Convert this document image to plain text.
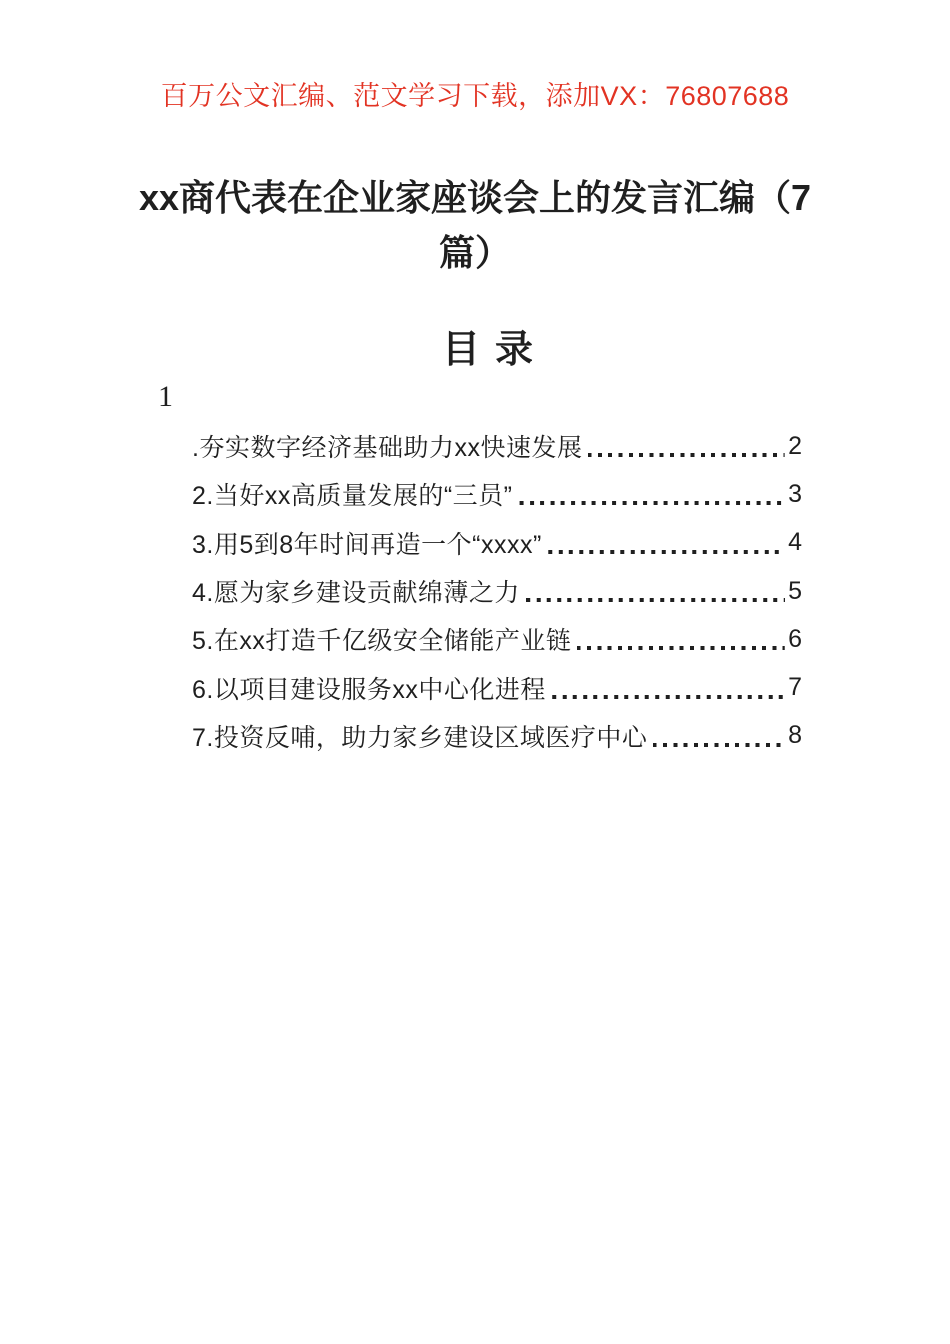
百万公文汇编、范文学习下载，添加VX：76807688
xx商代表在企业家座谈会上的发言汇编（7篇）
目录
1
.夯实数字经济基础助力xx快速发展	2
2.当好xx高质量发展的“三员”	3
3.用5到8年时间再造一个“xxxx”	4
4.愿为家乡建设贡献绵薄之力	5
5.在xx打造千亿级安全储能产业链	6
6.以项目建设服务xx中心化进程	7
7.投资反哺，助力家乡建设区域医疗中心	8
